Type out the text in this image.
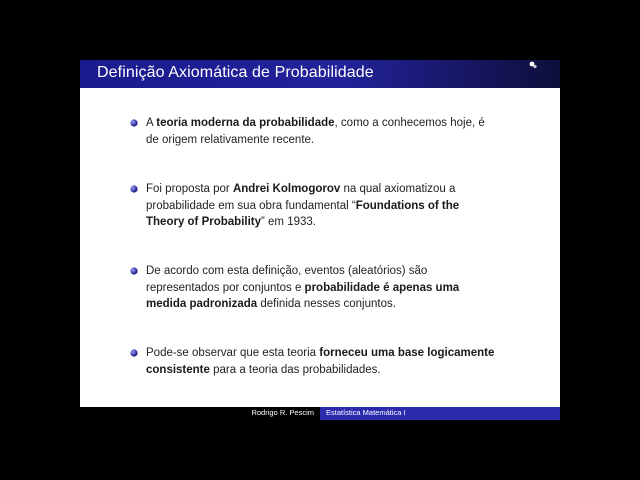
Definição Axiomática de Probabilidade
A teoria moderna da probabilidade, como a conhecemos hoje, é de origem relativamente recente.
Foi proposta por Andrei Kolmogorov na qual axiomatizou a probabilidade em sua obra fundamental “Foundations of the Theory of Probability” em 1933.
De acordo com esta definição, eventos (aleatórios) são representados por conjuntos e probabilidade é apenas uma medida padronizada definida nesses conjuntos.
Pode-se observar que esta teoria forneceu uma base logicamente consistente para a teoria das probabilidades.
Rodrigo R. Pescim Estatística Matemática I
